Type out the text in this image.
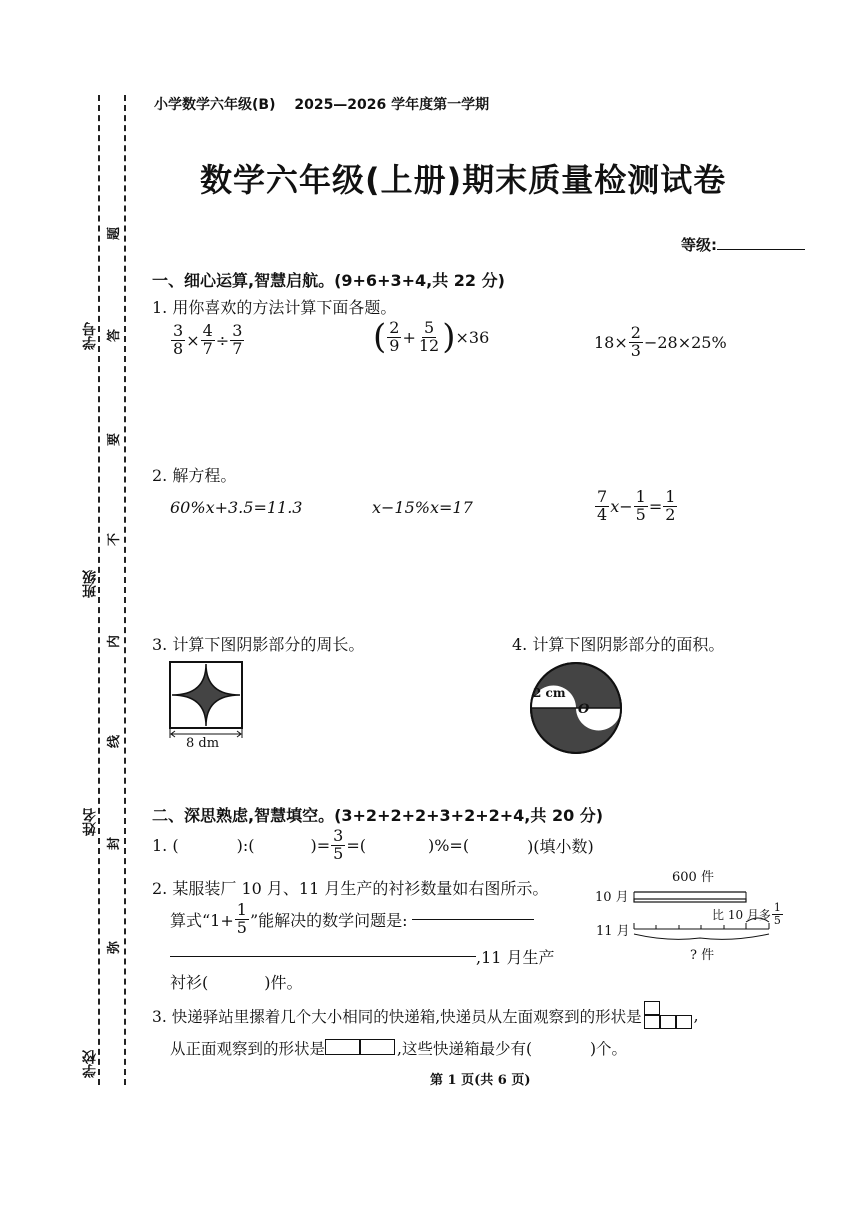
学号
班级
姓名
学校
题
答
要
不
内
线
封
弥
小学数学六年级(B) 2025—2026 学年度第一学期
数学六年级(上册)期末质量检测试卷
等级:
一、细心运算,智慧启航。(9+6+3+4,共 22 分)
1. 用你喜欢的方法计算下面各题。
$\frac{3}{8} \times \frac{4}{7} \div \frac{3}{7}$	( $\frac{2}{9} + \frac{5}{12}$ ) ×36	$18\times \frac{2}{3} -28\times 25\%$
2. 解方程。
60%x+3.5=11.3	x−15%x=17	$\frac{7}{4} x- \frac{1}{5} = \frac{1}{2}$
3. 计算下图阴影部分的周长。	4. 计算下图阴影部分的面积。
8 dm
2 cm
O
二、深思熟虑,智慧填空。(3+2+2+2+3+2+2+4,共 20 分)
1. (	):(	)= $\frac{3}{5}$ =(	)%=(	)(填小数)
2. 某服装厂 10 月、11 月生产的衬衫数量如右图所示。
算式“$1+ \frac{1}{5}$ ”能解决的数学问题是:
,11 月生产
衬衫(	)件。
10 月
600 件
11 月
比 10 月多 $\frac{1}{5}$
? 件
3. 快递驿站里摞着几个大小相同的快递箱,快递员从左面观察到的形状是	,
从正面观察到的形状是	,这些快递箱最少有(	)个。
第 1 页(共 6 页)
